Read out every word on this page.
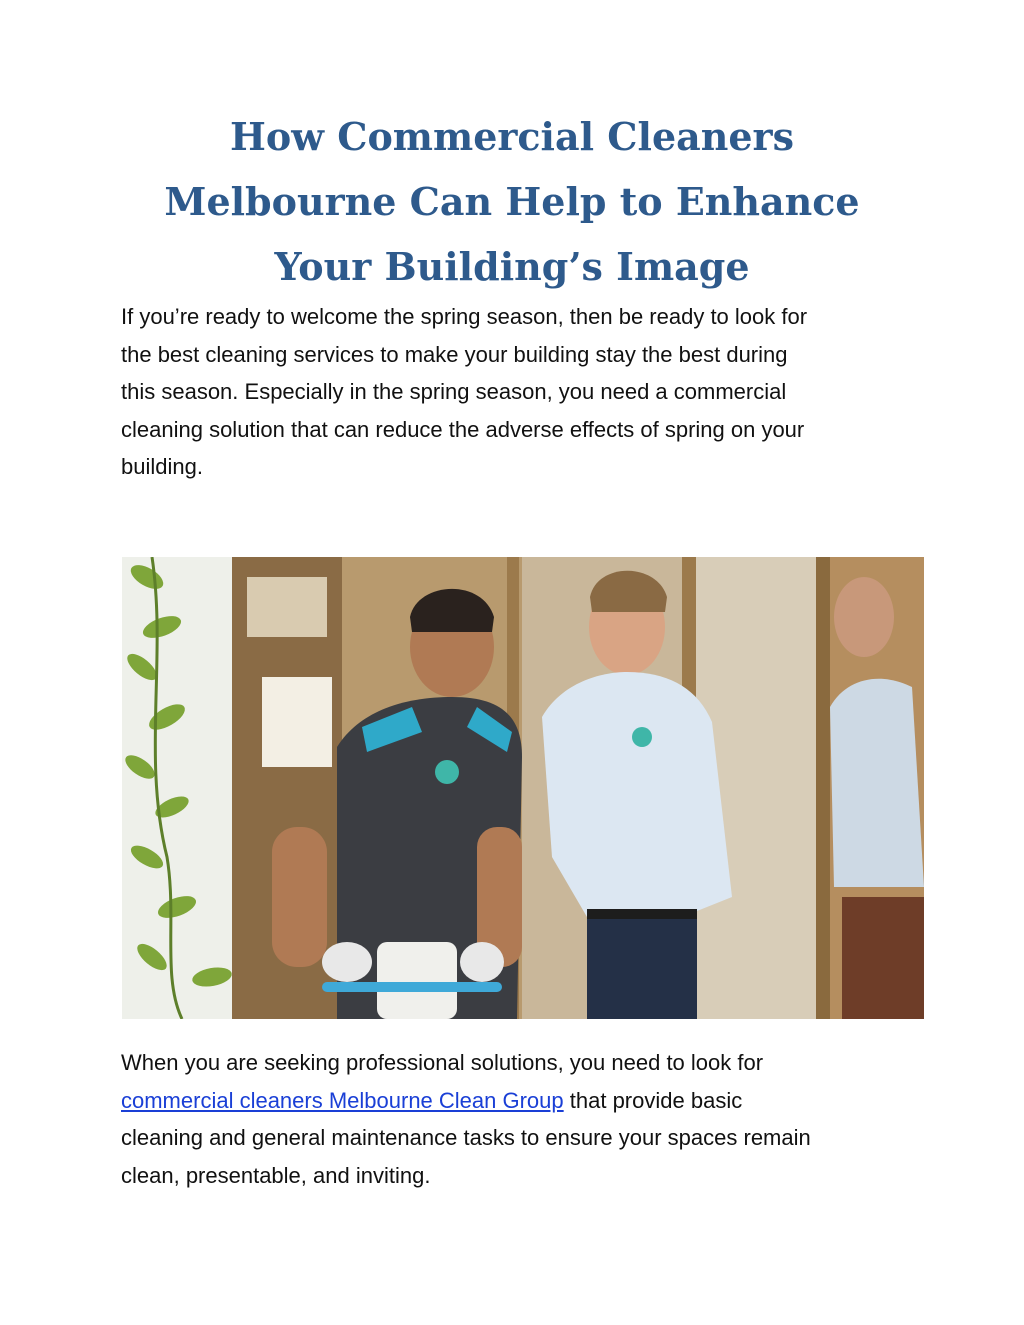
How Commercial Cleaners
Melbourne Can Help to Enhance
Your Building’s Image

If you’re ready to welcome the spring season, then be ready to look for
the best cleaning services to make your building stay the best during
this season. Especially in the spring season, you need a commercial
cleaning solution that can reduce the adverse effects of spring on your
building.

When you are seeking professional solutions, you need to look for
commercial cleaners Melbourne Clean Group that provide basic
cleaning and general maintenance tasks to ensure your spaces remain
clean, presentable, and inviting.
